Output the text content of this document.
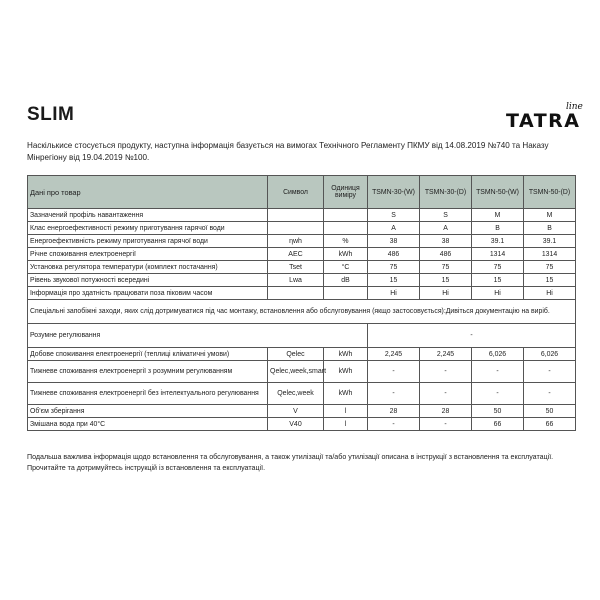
SLIM	TATRA
line
Наскількисе стосується продукту, наступна інформація базується на вимогах Технічного Регламенту ПКМУ від 14.08.2019 №740 та Наказу Мінрегіону від 19.04.2019 №100.
Дані про товар	Символ	Одиниця виміру	TSMN-30-(W)	TSMN-30-(D)	TSMN-50-(W)	TSMN-50-(D)
Зазначений профіль навантаження			S	S	M	M
Клас енергоефективності режиму приготування гарячої води			A	A	B	B
Енергоефективність режиму приготування гарячої води	ηwh	%	38	38	39.1	39.1
Річне споживання електроенергії	AEC	kWh	486	486	1314	1314
Установка регулятора температури (комплект постачання)	Tset	°C	75	75	75	75
Рівень звукової потужності всередині	Lwa	dB	15	15	15	15
Інформація про здатність працювати поза піковим часом			Hi	Hi	Hi	Hi
Спеціальні запобіжні заходи, яких слід дотримуватися під час монтажу, встановлення або обслуговування (якщо застосовується):Дивіться документацію на виріб.						
Розумне регулювання			-			
Добове споживання електроенергії (теплиці кліматичні умови)	Qelec	kWh	2,245	2,245	6,026	6,026
Тижневе споживання електроенергії з розумним регулюванням	Qelec,week,smart	kWh	-	-	-	-
Тижневе споживання електроенергії без інтелектуального регулювання	Qelec,week	kWh	-	-	-	-
Об'єм зберігання	V	l	28	28	50	50
Змішана вода при 40°C	V40	l	-	-	66	66
Подальша важлива інформація щодо встановлення та обслуговування, а також утилізації та/або утилізації описана в інструкції з встановлення та експлуатації. Прочитайте та дотримуйтесь інструкцій із встановлення та експлуатації.
